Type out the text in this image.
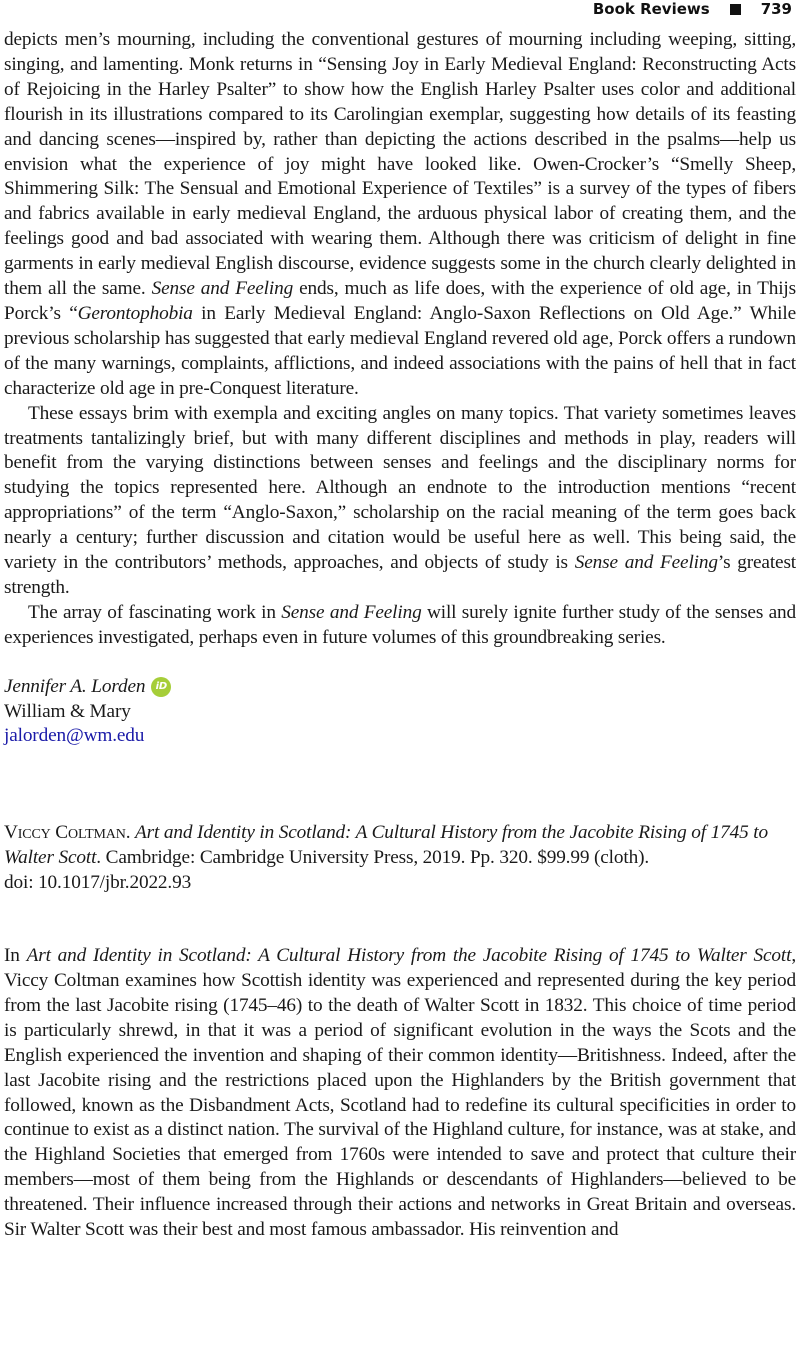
Book Reviews	739

depicts men’s mourning, including the conventional gestures of mourning including weeping, sitting, singing, and lamenting. Monk returns in “Sensing Joy in Early Medieval England: Reconstructing Acts of Rejoicing in the Harley Psalter” to show how the English Harley Psalter uses color and additional flourish in its illustrations compared to its Carolingian exemplar, suggesting how details of its feasting and dancing scenes—inspired by, rather than depicting the actions described in the psalms—help us envision what the experience of joy might have looked like. Owen-Crocker’s “Smelly Sheep, Shimmering Silk: The Sensual and Emotional Experience of Textiles” is a survey of the types of fibers and fabrics available in early medieval England, the arduous physical labor of creating them, and the feelings good and bad associated with wearing them. Although there was criticism of delight in fine garments in early medieval English discourse, evidence suggests some in the church clearly delighted in them all the same. Sense and Feeling ends, much as life does, with the experience of old age, in Thijs Porck’s “Gerontophobia in Early Medieval England: Anglo-Saxon Reflections on Old Age.” While previous scholarship has suggested that early medieval England revered old age, Porck offers a rundown of the many warnings, complaints, afflictions, and indeed associations with the pains of hell that in fact characterize old age in pre-Conquest literature.

These essays brim with exempla and exciting angles on many topics. That variety sometimes leaves treatments tantalizingly brief, but with many different disciplines and methods in play, readers will benefit from the varying distinctions between senses and feelings and the disciplinary norms for studying the topics represented here. Although an endnote to the introduction mentions “recent appropriations” of the term “Anglo-Saxon,” scholarship on the racial meaning of the term goes back nearly a century; further discussion and citation would be useful here as well. This being said, the variety in the contributors’ methods, approaches, and objects of study is Sense and Feeling’s greatest strength.

The array of fascinating work in Sense and Feeling will surely ignite further study of the senses and experiences investigated, perhaps even in future volumes of this groundbreaking series.

Jennifer A. Lorden	iD
William & Mary
jalorden@wm.edu

Viccy Coltman. Art and Identity in Scotland: A Cultural History from the Jacobite Rising of 1745 to Walter Scott. Cambridge: Cambridge University Press, 2019. Pp. 320. $99.99 (cloth).
doi: 10.1017/jbr.2022.93

In Art and Identity in Scotland: A Cultural History from the Jacobite Rising of 1745 to Walter Scott, Viccy Coltman examines how Scottish identity was experienced and represented during the key period from the last Jacobite rising (1745–46) to the death of Walter Scott in 1832. This choice of time period is particularly shrewd, in that it was a period of significant evolution in the ways the Scots and the English experienced the invention and shaping of their common identity—Britishness. Indeed, after the last Jacobite rising and the restrictions placed upon the Highlanders by the British government that followed, known as the Disbandment Acts, Scotland had to redefine its cultural specificities in order to continue to exist as a distinct nation. The survival of the Highland culture, for instance, was at stake, and the Highland Societies that emerged from 1760s were intended to save and protect that culture their members—most of them being from the Highlands or descendants of Highlanders—believed to be threatened. Their influence increased through their actions and networks in Great Britain and overseas. Sir Walter Scott was their best and most famous ambassador. His reinvention and
